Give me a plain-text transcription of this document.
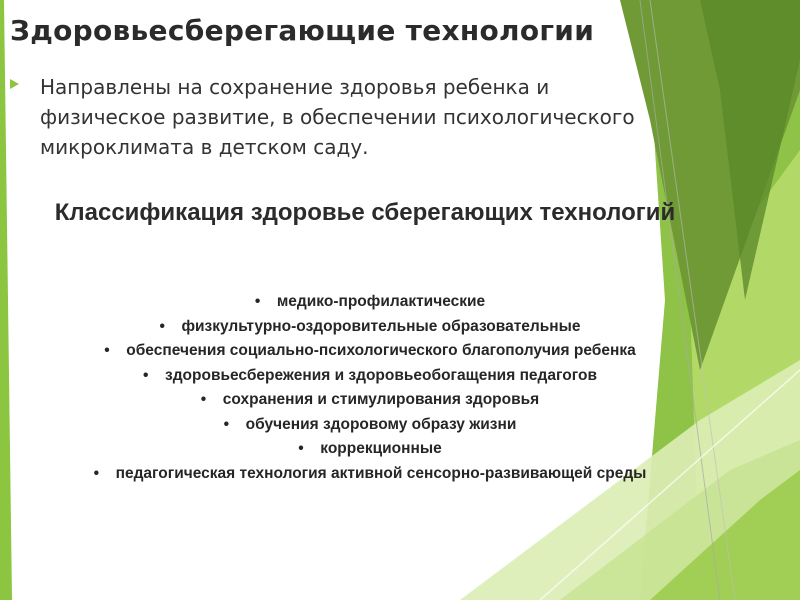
Здоровьесберегающие технологии
Направлены на сохранение здоровья ребенка и физическое развитие, в обеспечении психологического микроклимата в детском саду.
Классификация здоровье сберегающих технологий
• медико-профилактические
• физкультурно-оздоровительные образовательные
• обеспечения социально-психологического благополучия ребенка
• здоровьесбережения и здоровьеобогащения педагогов
• сохранения и стимулирования здоровья
• обучения здоровому образу жизни
• коррекционные
• педагогическая технология активной сенсорно-развивающей среды
